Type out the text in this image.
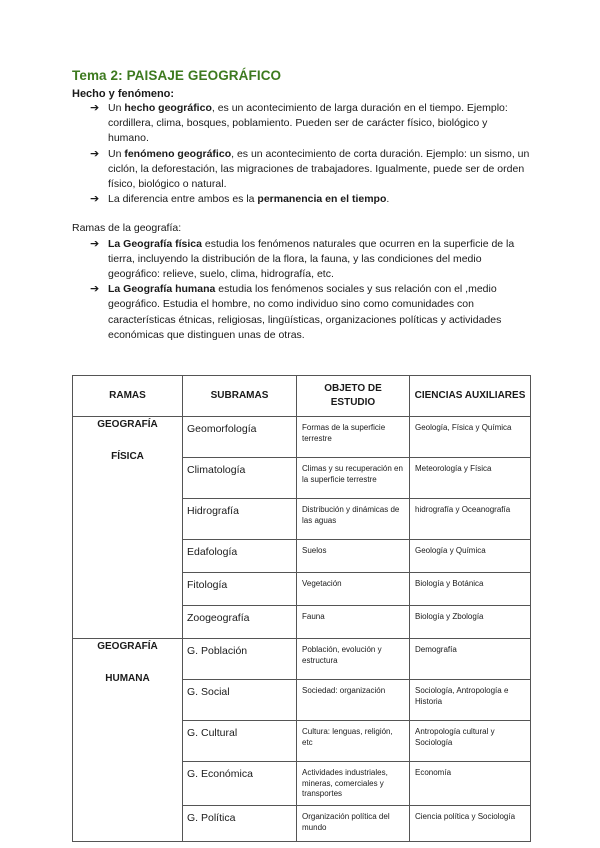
Tema 2: PAISAJE GEOGRÁFICO

Hecho y fenómeno:

➔ Un hecho geográfico, es un acontecimiento de larga duración en el tiempo. Ejemplo: cordillera, clima, bosques, poblamiento. Pueden ser de carácter físico, biológico y humano.
➔ Un fenómeno geográfico, es un acontecimiento de corta duración. Ejemplo: un sismo, un ciclón, la deforestación, las migraciones de trabajadores. Igualmente, puede ser de orden físico, biológico o natural.
➔ La diferencia entre ambos es la permanencia en el tiempo.

Ramas de la geografía:

➔ La Geografía física estudia los fenómenos naturales que ocurren en la superficie de la tierra, incluyendo la distribución de la flora, la fauna, y las condiciones del medio geográfico: relieve, suelo, clima, hidrografía, etc.
➔ La Geografía humana estudia los fenómenos sociales y sus relación con el ,medio geográfico. Estudia el hombre, no como individuo sino como comunidades con características étnicas, religiosas, lingüísticas, organizaciones políticas y actividades económicas que distinguen unas de otras.
RAMAS	SUBRAMAS	OBJETO DE ESTUDIO	CIENCIAS AUXILIARES
GEOGRAFÍA
FÍSICA	Geomorfología	Formas de la superficie terrestre	Geología, Física y Química
	Climatología	Climas y su recuperación en la superficie terrestre	Meteorología y Física
	Hidrografía	Distribución y dinámicas de las aguas	hidrografía y Oceanografía
	Edafología	Suelos	Geología y Química
	Fitología	Vegetación	Biología y Botánica
	Zoogeografía	Fauna	Biología y Zbología
GEOGRAFÍA
HUMANA	G. Población	Población, evolución y estructura	Demografía
	G. Social	Sociedad: organización	Sociología, Antropología e Historia
	G. Cultural	Cultura: lenguas, religión, etc	Antropología cultural y Sociología
	G. Económica	Actividades industriales, mineras, comerciales y transportes	Economía
	G. Política	Organización política del mundo	Ciencia política y Sociología
